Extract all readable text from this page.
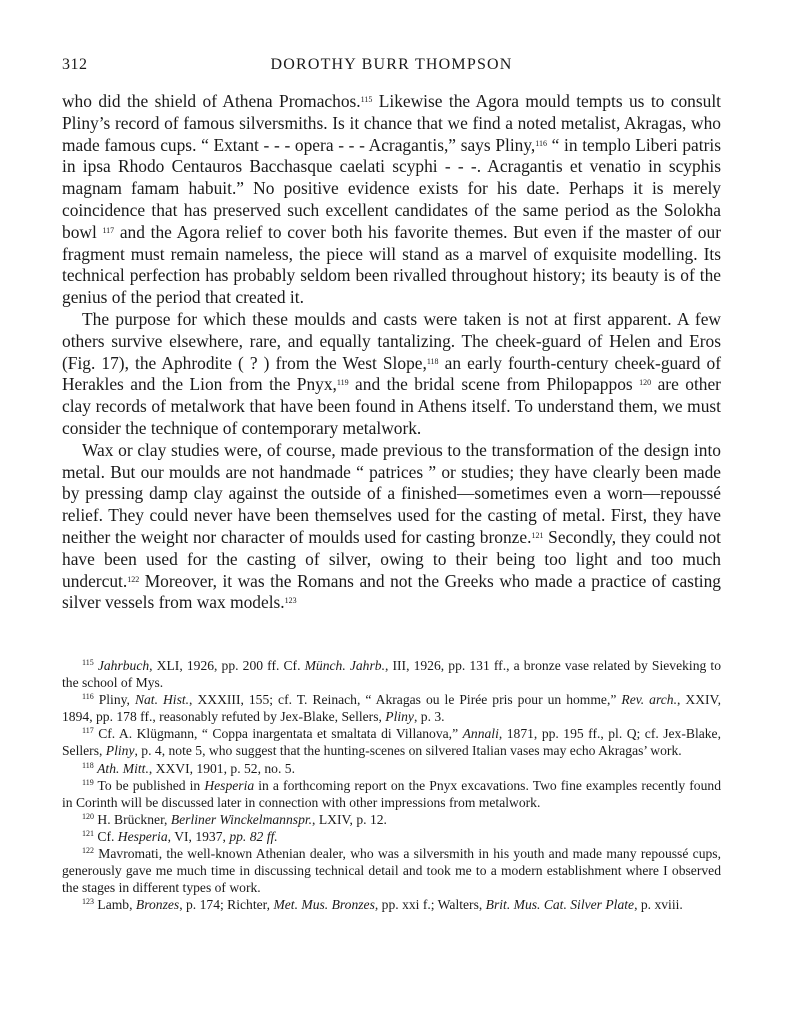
312	DOROTHY BURR THOMPSON

who did the shield of Athena Promachos.$^{115}$ Likewise the Agora mould tempts us to consult Pliny’s record of famous silversmiths. Is it chance that we find a noted metalist, Akragas, who made famous cups. “ Extant - - - opera - - - Acragantis,” says Pliny,$^{116}$ “ in templo Liberi patris in ipsa Rhodo Centauros Bacchasque caelati scyphi - - -. Acragantis et venatio in scyphis magnam famam habuit.” No positive evidence exists for his date. Perhaps it is merely coincidence that has preserved such excellent candidates of the same period as the Solokha bowl $^{117}$ and the Agora relief to cover both his favorite themes. But even if the master of our fragment must remain nameless, the piece will stand as a marvel of exquisite modelling. Its technical perfection has probably seldom been rivalled throughout history; its beauty is of the genius of the period that created it.

The purpose for which these moulds and casts were taken is not at first apparent. A few others survive elsewhere, rare, and equally tantalizing. The cheek-guard of Helen and Eros (Fig. 17), the Aphrodite ( ? ) from the West Slope,$^{118}$ an early fourth-century cheek-guard of Herakles and the Lion from the Pnyx,$^{119}$ and the bridal scene from Philopappos $^{120}$ are other clay records of metalwork that have been found in Athens itself. To understand them, we must consider the technique of contemporary metalwork.

Wax or clay studies were, of course, made previous to the transformation of the design into metal. But our moulds are not handmade “ patrices ” or studies; they have clearly been made by pressing damp clay against the outside of a finished—sometimes even a worn—repoussé relief. They could never have been themselves used for the casting of metal. First, they have neither the weight nor character of moulds used for casting bronze.$^{121}$ Secondly, they could not have been used for the casting of silver, owing to their being too light and too much undercut.$^{122}$ Moreover, it was the Romans and not the Greeks who made a practice of casting silver vessels from wax models.$^{123}$

$^{115}$ Jahrbuch, XLI, 1926, pp. 200 ff. Cf. Münch. Jahrb., III, 1926, pp. 131 ff., a bronze vase related by Sieveking to the school of Mys.

$^{116}$ Pliny, Nat. Hist., XXXIII, 155; cf. T. Reinach, “ Akragas ou le Pirée pris pour un homme,” Rev. arch., XXIV, 1894, pp. 178 ff., reasonably refuted by Jex-Blake, Sellers, Pliny, p. 3.

$^{117}$ Cf. A. Klügmann, “ Coppa inargentata et smaltata di Villanova,” Annali, 1871, pp. 195 ff., pl. Q; cf. Jex-Blake, Sellers, Pliny, p. 4, note 5, who suggest that the hunting-scenes on silvered Italian vases may echo Akragas’ work.

$^{118}$ Ath. Mitt., XXVI, 1901, p. 52, no. 5.

$^{119}$ To be published in Hesperia in a forthcoming report on the Pnyx excavations. Two fine examples recently found in Corinth will be discussed later in connection with other impressions from metalwork.

$^{120}$ H. Brückner, Berliner Winckelmannspr., LXIV, p. 12.

$^{121}$ Cf. Hesperia, VI, 1937, pp. 82 ff.

$^{122}$ Mavromati, the well-known Athenian dealer, who was a silversmith in his youth and made many repoussé cups, generously gave me much time in discussing technical detail and took me to a modern establishment where I observed the stages in different types of work.

$^{123}$ Lamb, Bronzes, p. 174; Richter, Met. Mus. Bronzes, pp. xxi f.; Walters, Brit. Mus. Cat. Silver Plate, p. xviii.
